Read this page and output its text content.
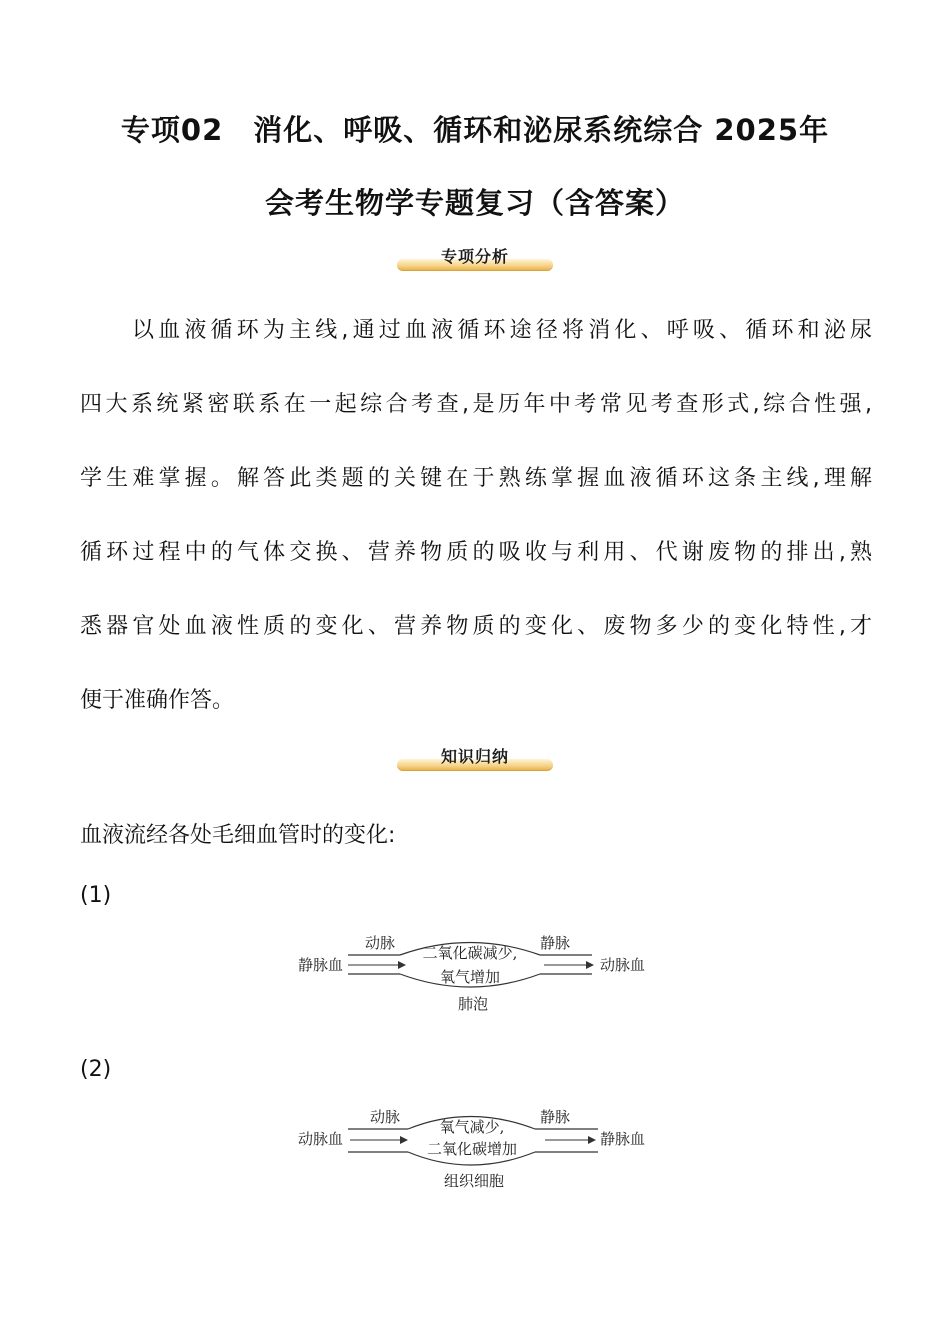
专项02　消化、呼吸、循环和泌尿系统综合 2025年
会考生物学专题复习（含答案）
专项分析

以血液循环为主线,通过血液循环途径将消化、呼吸、循环和泌尿

四大系统紧密联系在一起综合考查,是历年中考常见考查形式,综合性强,

学生难掌握。解答此类题的关键在于熟练掌握血液循环这条主线,理解

循环过程中的气体交换、营养物质的吸收与利用、代谢废物的排出,熟

悉器官处血液性质的变化、营养物质的变化、废物多少的变化特性,才

便于准确作答。

知识归纳

血液流经各处毛细血管时的变化:

(1)

静脉血
动脉
二氧化碳减少,
氧气增加
静脉
动脉血
肺泡

(2)

动脉血
动脉
氧气减少,
二氧化碳增加
静脉
静脉血
组织细胞
